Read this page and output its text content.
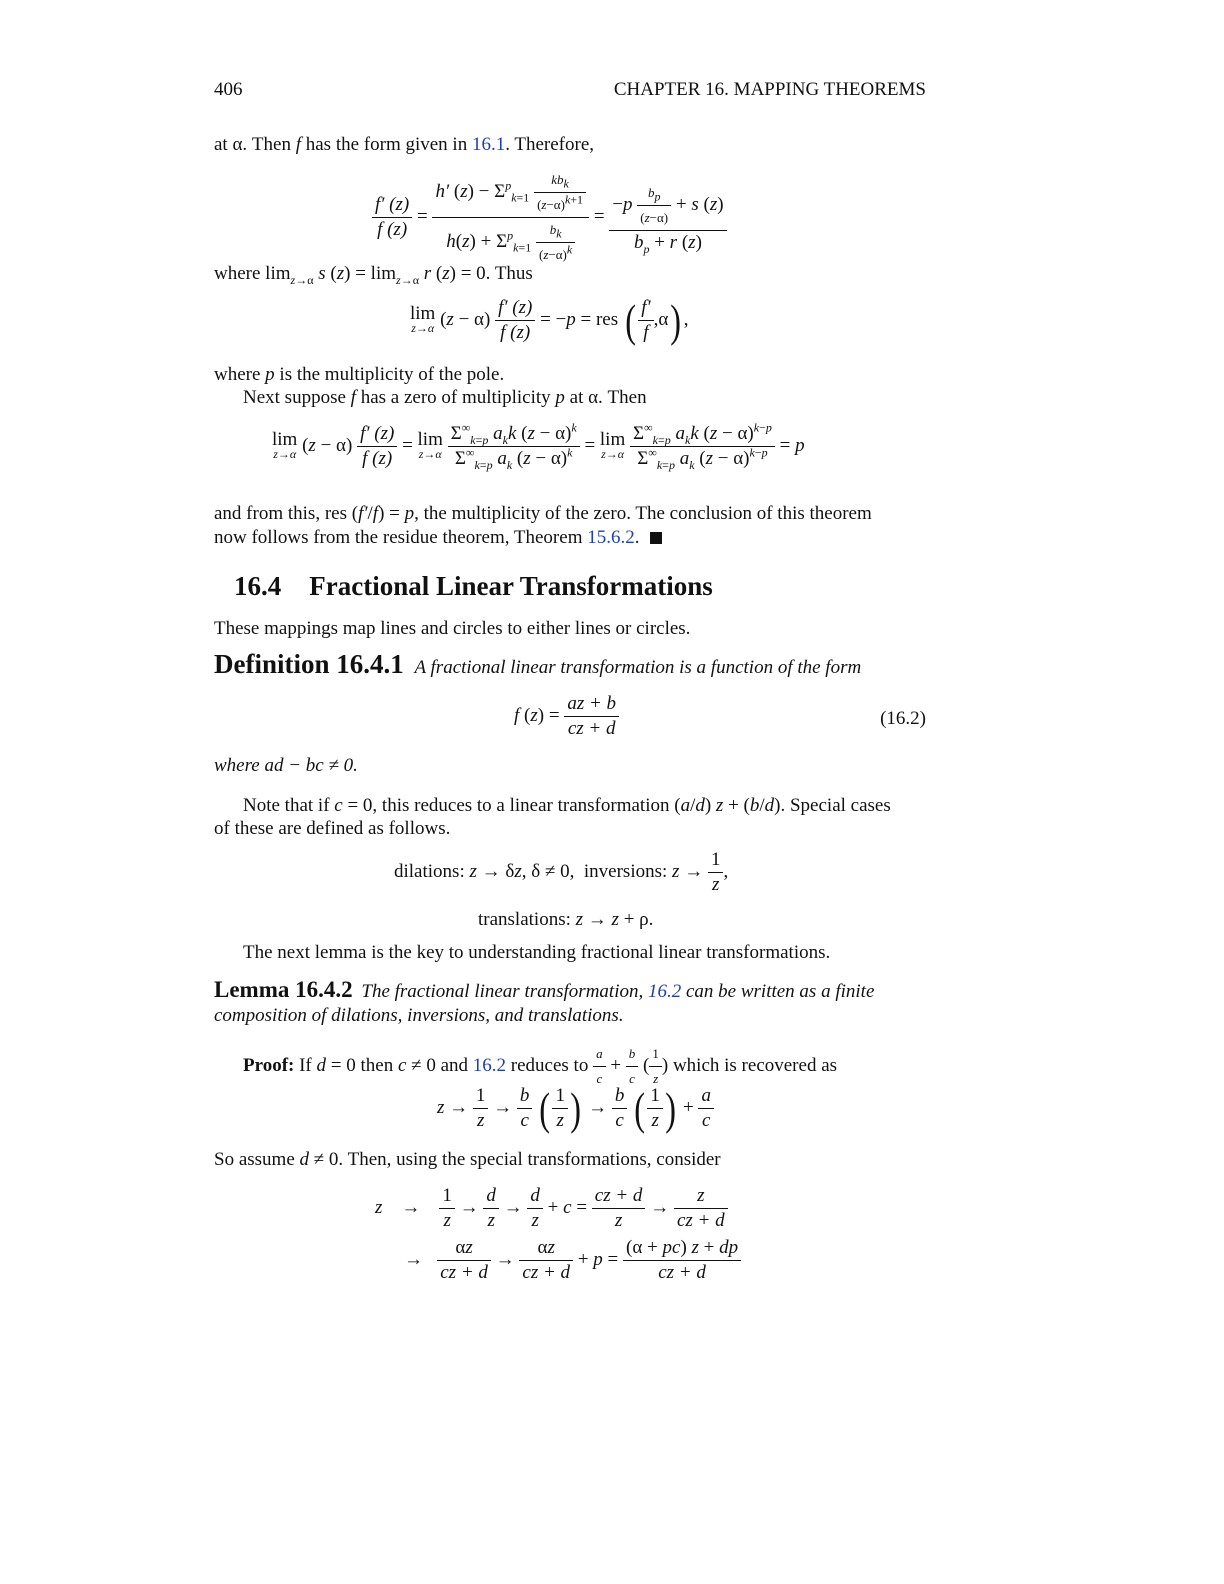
406	CHAPTER 16. MAPPING THEOREMS
at α. Then f has the form given in 16.1. Therefore,
$\frac{f' (z)}{f (z)} = \frac{h' (z) - \Sigma^p_{k=1} \frac{kb_k}{(z-\alpha)^{k+1}}}{h(z) + \Sigma^p_{k=1} \frac{b_k}{(z-\alpha)^k}} = \frac{-p \frac{b_p}{(z-\alpha)} + s (z)}{b_p + r (z)}$
where $\lim_{z\to\alpha} s$ $(z) = \lim_{z\to\alpha} r$ (z) = 0. Thus
lim
z→α $(z - \alpha) \frac{f' (z)}{f (z)} = -p$ = res ( $\frac{f'}{f} ,\alpha$) ,
where p is the multiplicity of the pole.
Next suppose f has a zero of multiplicity p at α. Then
lim
z→α $(z - \alpha) \frac{f' (z)}{f (z)} = \lim$
z→α
$\frac{\Sigma^\infty_{k=p} a_kk (z - \alpha)^k}{\Sigma^\infty_{k=p} a_k (z - \alpha)^k} = \lim$
z→α
$\frac{\Sigma^\infty_{k=p} a_kk (z - \alpha)^{k-p}}{\Sigma^\infty_{k=p} a_k (z - \alpha)^{k-p}} = p$
and from this, res (f′/f) = p, the multiplicity of the zero. The conclusion of this theorem
now follows from the residue theorem, Theorem 15.6.2.
16.4 Fractional Linear Transformations
These mappings map lines and circles to either lines or circles.
Definition 16.4.1 A fractional linear transformation is a function of the form
f $(z) = \frac{az + b}{cz + d}$	(16.2)
where ad − bc ≠ 0.
Note that if c = 0, this reduces to a linear transformation (a/d) z + (b/d). Special cases
of these are defined as follows.
dilations: z → δz, δ ≠ 0,  inversions: $z \to \frac{1}{z}$ ,
translations: z → z + ρ.
The next lemma is the key to understanding fractional linear transformations.
Lemma 16.4.2 The fractional linear transformation, 16.2 can be written as a finite
composition of dilations, inversions, and translations.
Proof: If d = 0 then c ≠ 0 and 16.2 reduces to $\frac{a}{c} + \frac{b}{c}$ ( $\frac{1}{z}$ ) which is recovered as
$z \to \frac{1}{z} \to \frac{b}{c}$ ( $\frac{1}{z}$ ) → $\frac{b}{c}$ ( $\frac{1}{z}$ ) + $\frac{a}{c}$
So assume d ≠ 0. Then, using the special transformations, consider
z    → $\frac{1}{z} \to \frac{d}{z} \to \frac{d}{z} + c = \frac{cz + d}{z} \to \frac{z}{cz + d}$
→ $\frac{\alpha z}{cz + d} \to \frac{\alpha z}{cz + d} + p = \frac{(\alpha + pc) z + dp}{cz + d}$
